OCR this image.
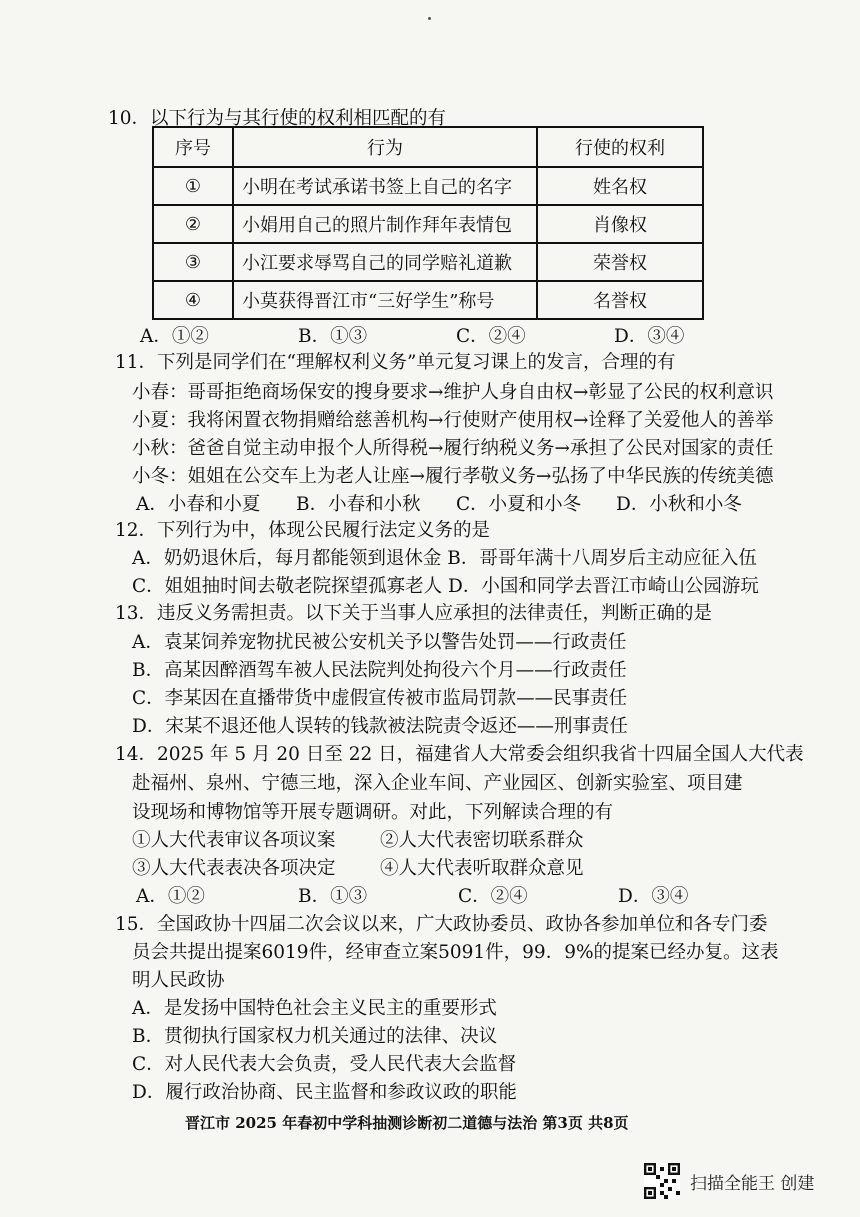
10．以下行为与其行使的权利相匹配的有
序号	行为	行使的权利
①	小明在考试承诺书签上自己的名字	姓名权
②	小娟用自己的照片制作拜年表情包	肖像权
③	小江要求辱骂自己的同学赔礼道歉	荣誉权
④	小莫获得晋江市“三好学生”称号	名誉权
A．①②	B．①③	C．②④	D．③④
11．下列是同学们在“理解权利义务”单元复习课上的发言，合理的有
小春：哥哥拒绝商场保安的搜身要求→维护人身自由权→彰显了公民的权利意识
小夏：我将闲置衣物捐赠给慈善机构→行使财产使用权→诠释了关爱他人的善举
小秋：爸爸自觉主动申报个人所得税→履行纳税义务→承担了公民对国家的责任
小冬：姐姐在公交车上为老人让座→履行孝敬义务→弘扬了中华民族的传统美德
A．小春和小夏 B．小春和小秋 C．小夏和小冬 D．小秋和小冬
12．下列行为中，体现公民履行法定义务的是
A．奶奶退休后，每月都能领到退休金 B．哥哥年满十八周岁后主动应征入伍
C．姐姐抽时间去敬老院探望孤寡老人 D．小国和同学去晋江市崎山公园游玩
13．违反义务需担责。以下关于当事人应承担的法律责任，判断正确的是
A．袁某饲养宠物扰民被公安机关予以警告处罚——行政责任
B．高某因醉酒驾车被人民法院判处拘役六个月——行政责任
C．李某因在直播带货中虚假宣传被市监局罚款——民事责任
D．宋某不退还他人误转的钱款被法院责令返还——刑事责任
14．2025 年 5 月 20 日至 22 日，福建省人大常委会组织我省十四届全国人大代表
赴福州、泉州、宁德三地，深入企业车间、产业园区、创新实验室、项目建
设现场和博物馆等开展专题调研。对此，下列解读合理的有
①人大代表审议各项议案 ②人大代表密切联系群众
③人大代表表决各项决定 ④人大代表听取群众意见
A．①②	B．①③	C．②④	D．③④
15．全国政协十四届二次会议以来，广大政协委员、政协各参加单位和各专门委
员会共提出提案6019件，经审查立案5091件，99．9%的提案已经办复。这表
明人民政协
A．是发扬中国特色社会主义民主的重要形式
B．贯彻执行国家权力机关通过的法律、决议
C．对人民代表大会负责，受人民代表大会监督
D．履行政治协商、民主监督和参政议政的职能
晋江市 2025 年春初中学科抽测诊断初二道德与法治 第3页 共8页
扫描全能王 创建
